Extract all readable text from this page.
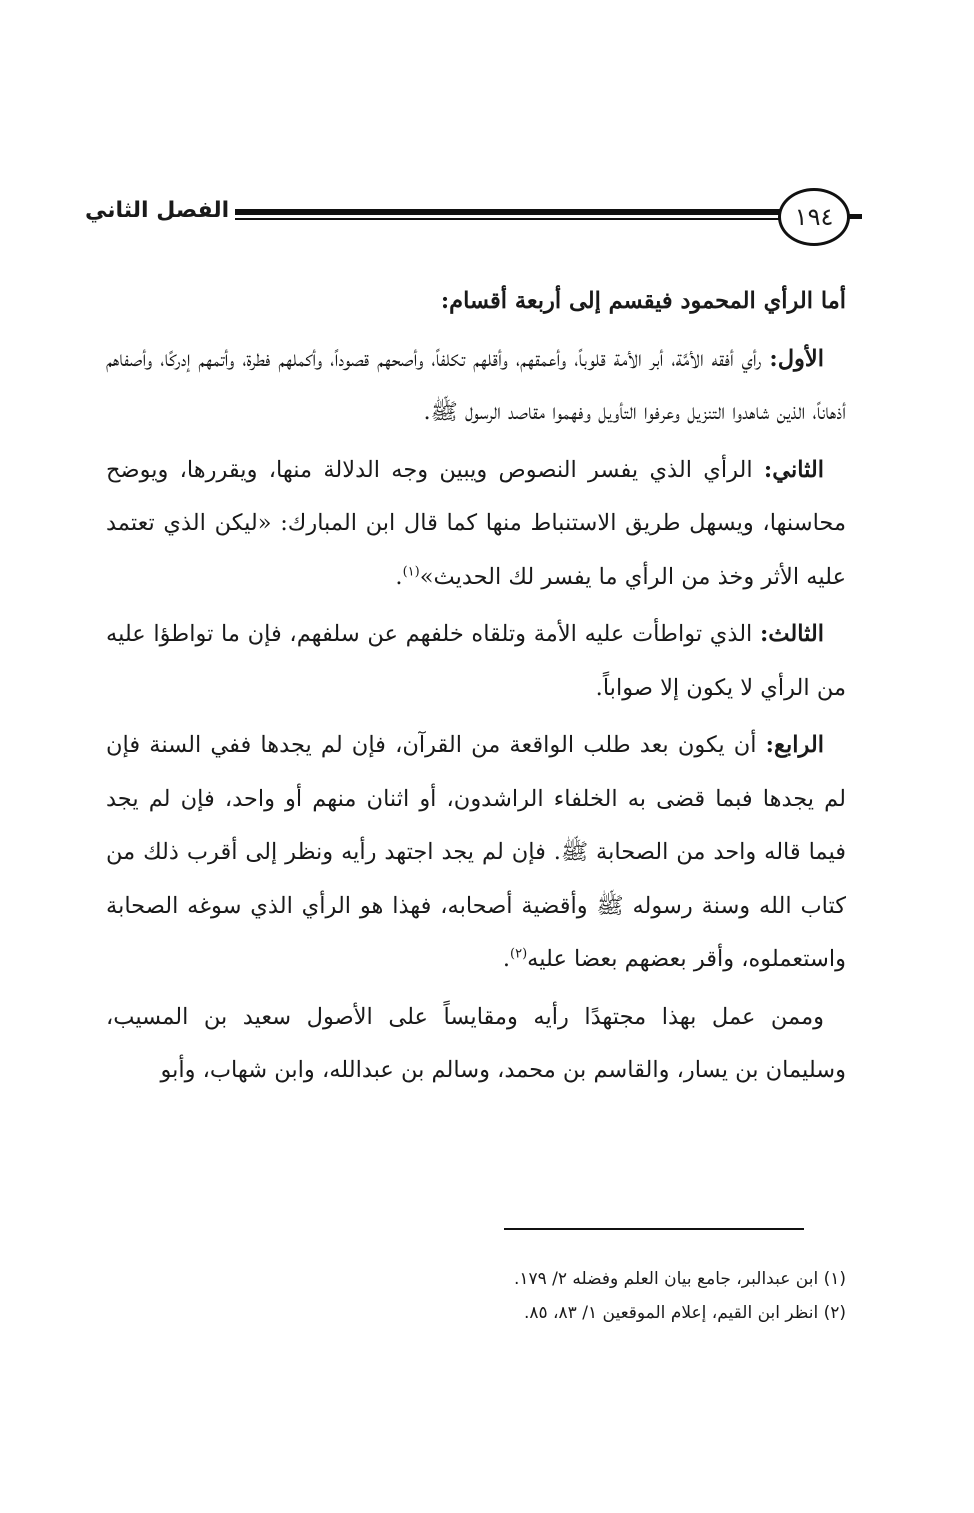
١٩٤
الفصل الثاني

أما الرأي المحمود فيقسم إلى أربعة أقسام:

الأول: رأي أفقه الأمَّة، أبر الأمة قلوباً، وأعمقهم، وأقلهم تكلفاً، وأصحهم قصوداً، وأكملهم فطرة، وأتمهم إدركًا، وأصفاهم أذهاناً، الذين شاهدوا التنزيل وعرفوا التأويل وفهموا مقاصد الرسول ﷺ.

الثاني: الرأي الذي يفسر النصوص ويبين وجه الدلالة منها، ويقررها، ويوضح محاسنها، ويسهل طريق الاستنباط منها كما قال ابن المبارك: «ليكن الذي تعتمد عليه الأثر وخذ من الرأي ما يفسر لك الحديث»$^{(١)}$.

الثالث: الذي تواطأت عليه الأمة وتلقاه خلفهم عن سلفهم، فإن ما تواطؤا عليه من الرأي لا يكون إلا صواباً.

الرابع: أن يكون بعد طلب الواقعة من القرآن، فإن لم يجدها ففي السنة فإن لم يجدها فبما قضى به الخلفاء الراشدون، أو اثنان منهم أو واحد، فإن لم يجد فيما قاله واحد من الصحابة ﷺ. فإن لم يجد اجتهد رأيه ونظر إلى أقرب ذلك من كتاب الله وسنة رسوله ﷺ وأقضية أصحابه، فهذا هو الرأي الذي سوغه الصحابة واستعملوه، وأقر بعضهم بعضا عليه$^{(٢)}$.

وممن عمل بهذا مجتهدًا رأيه ومقايساً على الأصول سعيد بن المسيب، وسليمان بن يسار، والقاسم بن محمد، وسالم بن عبدالله، وابن شهاب، وأبو

(١) ابن عبدالبر، جامع بيان العلم وفضله ٢/ ١٧٩.
(٢) انظر ابن القيم، إعلام الموقعين ١/ ٨٣، ٨٥.
